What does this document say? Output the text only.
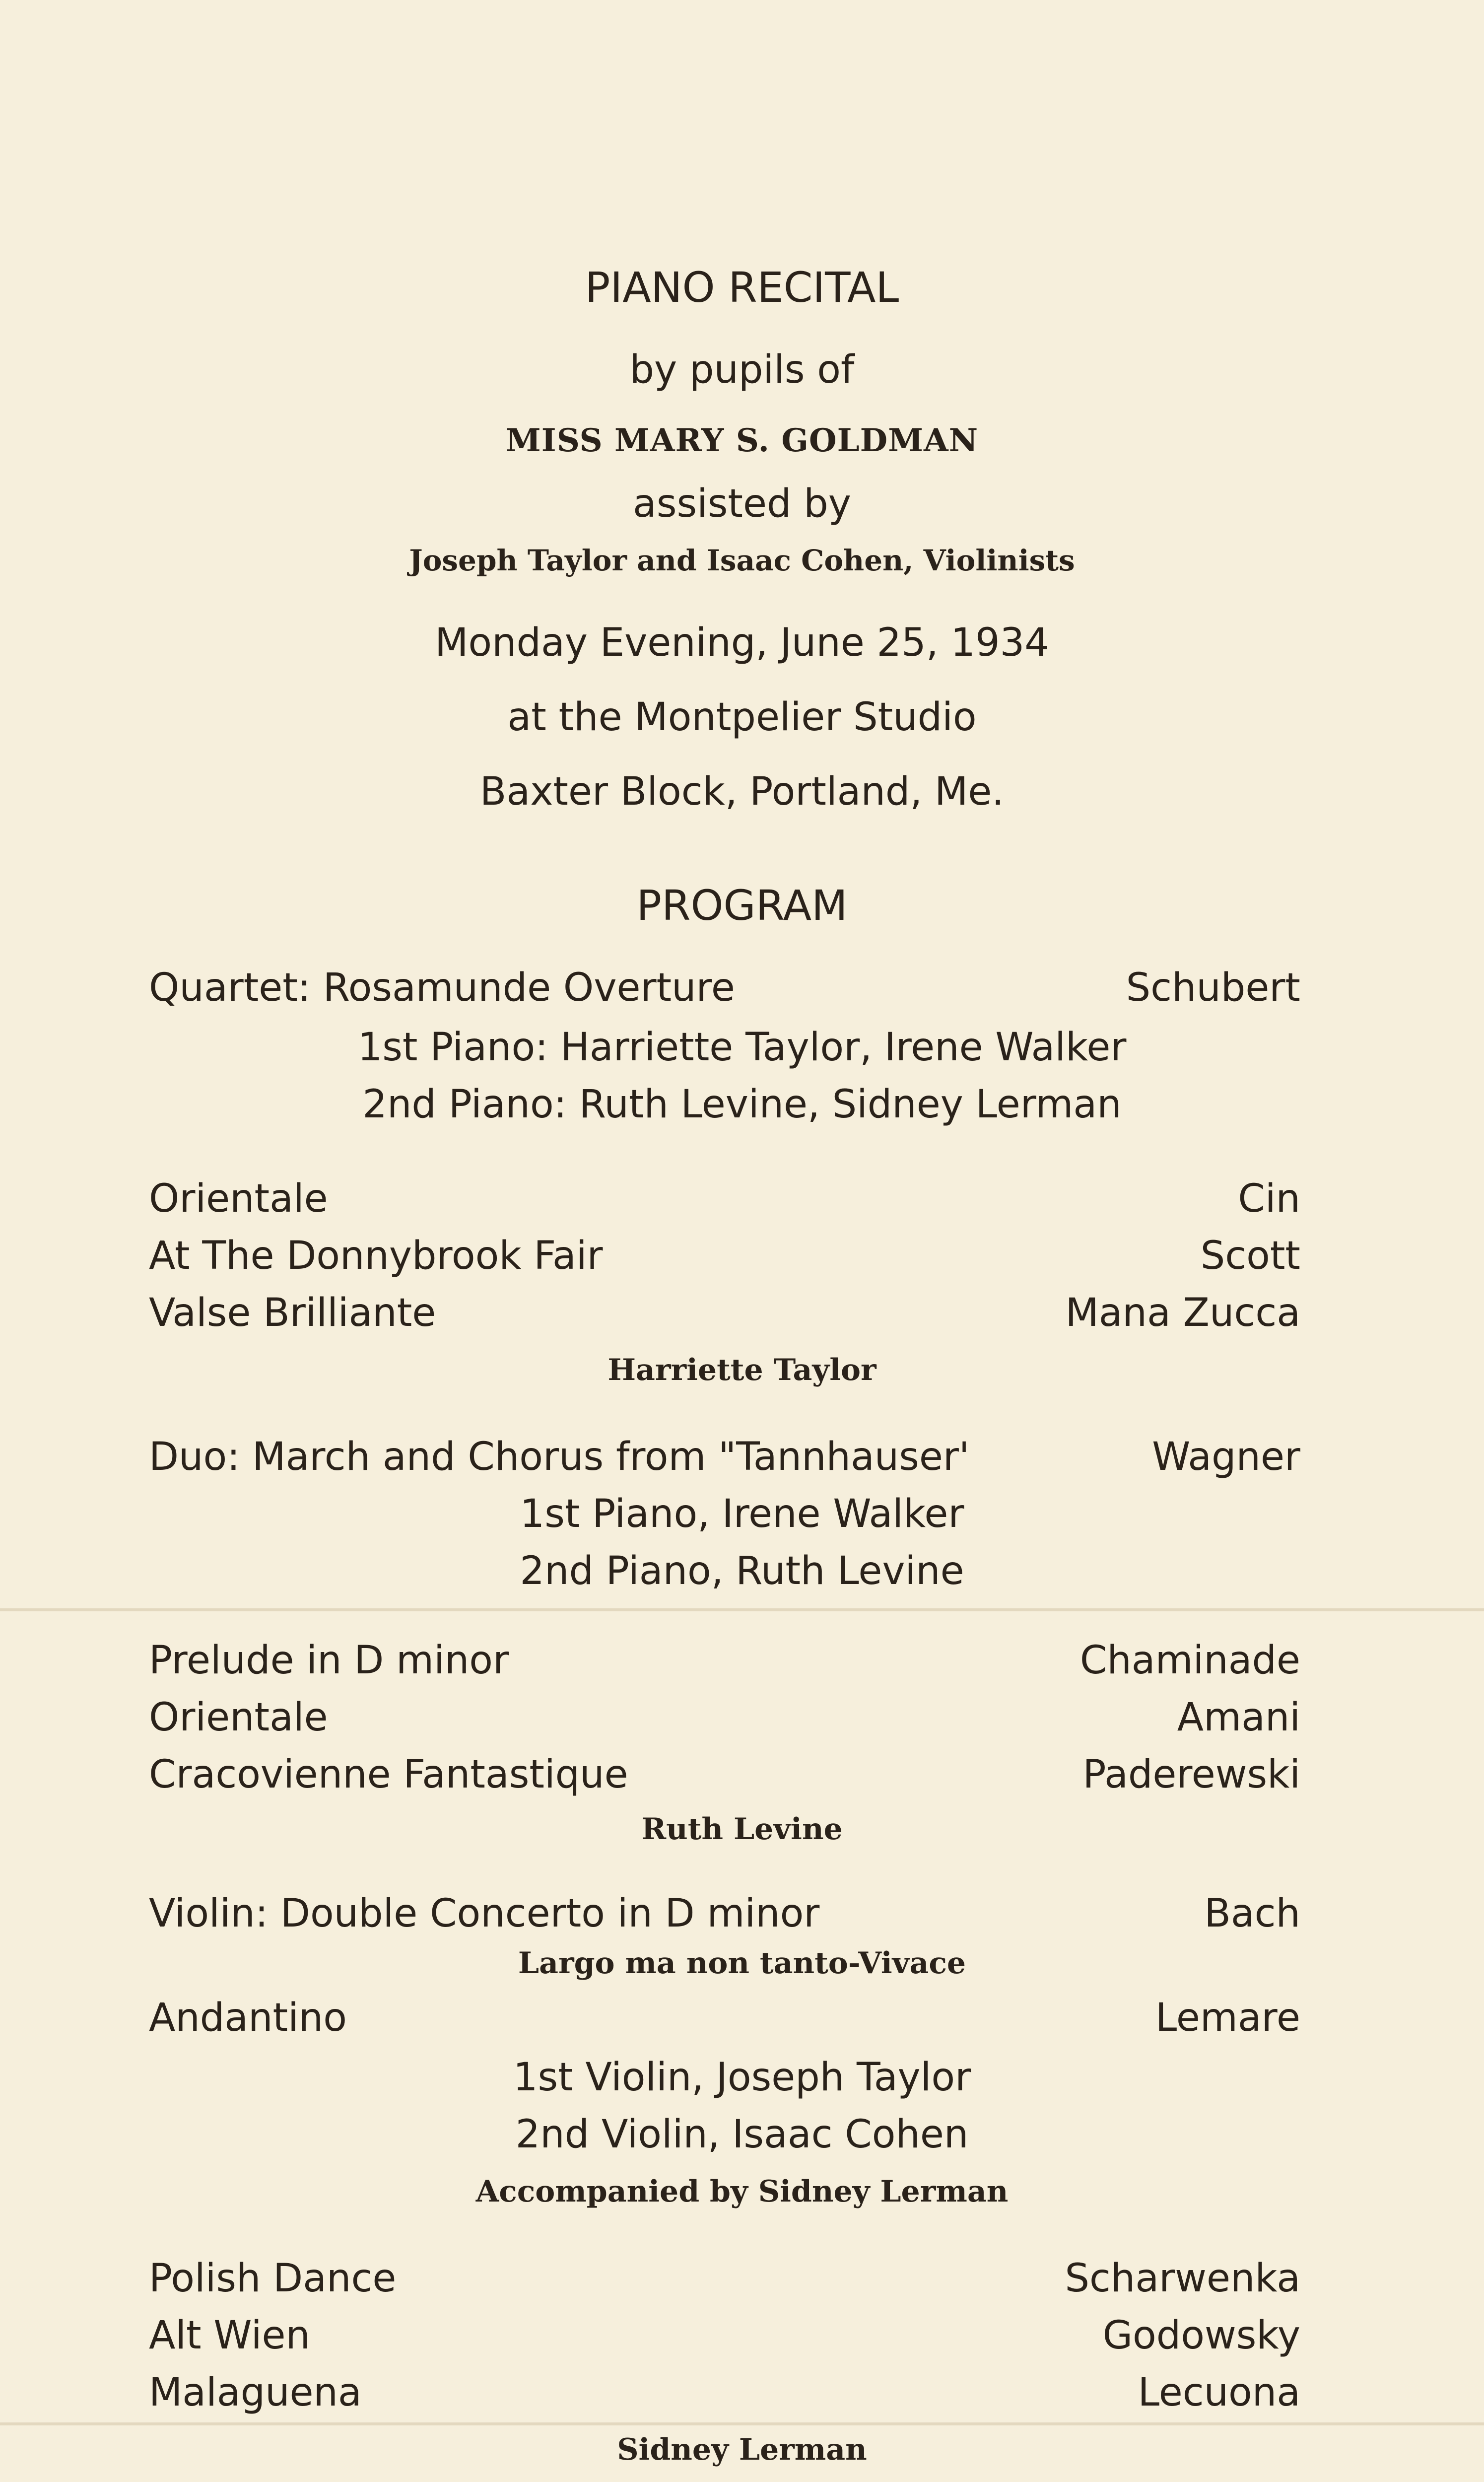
PIANO RECITAL
by pupils of
MISS MARY S. GOLDMAN
assisted by
Joseph Taylor and Isaac Cohen, Violinists
Monday Evening, June 25, 1934
at the Montpelier Studio
Baxter Block, Portland, Me.
PROGRAM
Quartet: Rosamunde Overture	Schubert
1st Piano: Harriette Taylor, Irene Walker
2nd Piano: Ruth Levine, Sidney Lerman
Orientale	Cin
At The Donnybrook Fair	Scott
Valse Brilliante	Mana Zucca
Harriette Taylor
Duo: March and Chorus from "Tannhauser'	Wagner
1st Piano, Irene Walker
2nd Piano, Ruth Levine
Prelude in D minor	Chaminade
Orientale	Amani
Cracovienne Fantastique	Paderewski
Ruth Levine
Violin: Double Concerto in D minor	Bach
Largo ma non tanto-Vivace
Andantino	Lemare
1st Violin, Joseph Taylor
2nd Violin, Isaac Cohen
Accompanied by Sidney Lerman
Polish Dance	Scharwenka
Alt Wien	Godowsky
Malaguena	Lecuona
Sidney Lerman
